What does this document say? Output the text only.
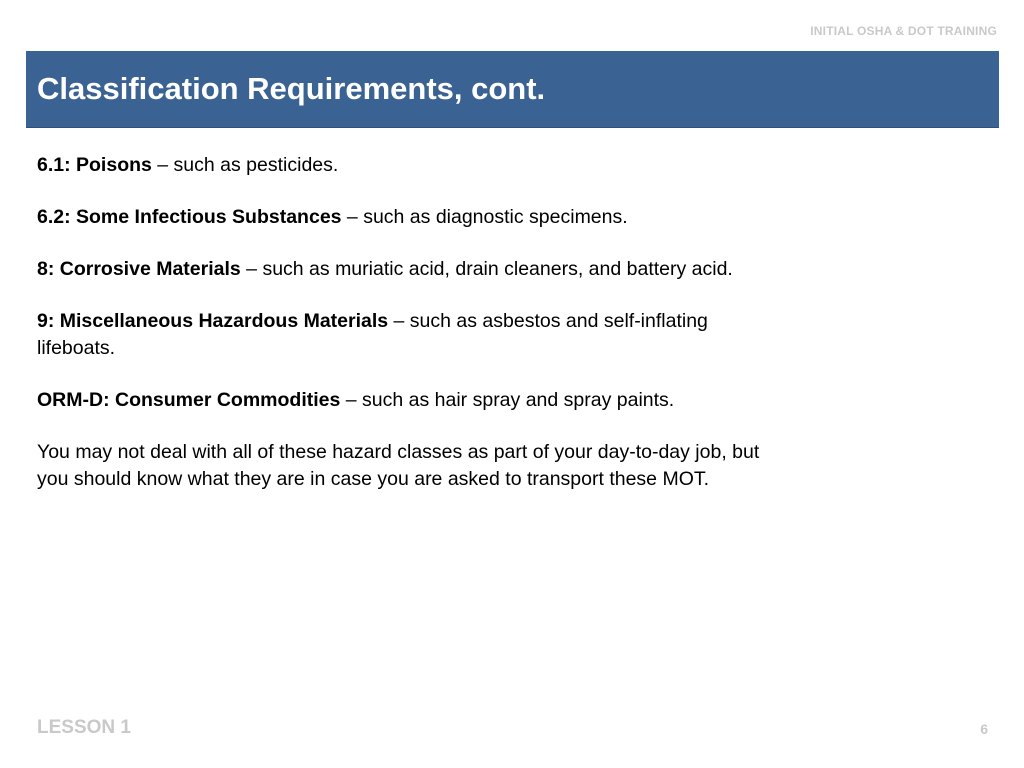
INITIAL OSHA & DOT TRAINING
Classification Requirements, cont.

6.1: Poisons – such as pesticides.

6.2: Some Infectious Substances – such as diagnostic specimens.

8: Corrosive Materials – such as muriatic acid, drain cleaners, and battery acid.

9: Miscellaneous Hazardous Materials – such as asbestos and self-inflating lifeboats.

ORM-D: Consumer Commodities – such as hair spray and spray paints.

You may not deal with all of these hazard classes as part of your day-to-day job, but you should know what they are in case you are asked to transport these MOT.

LESSON 1	6
